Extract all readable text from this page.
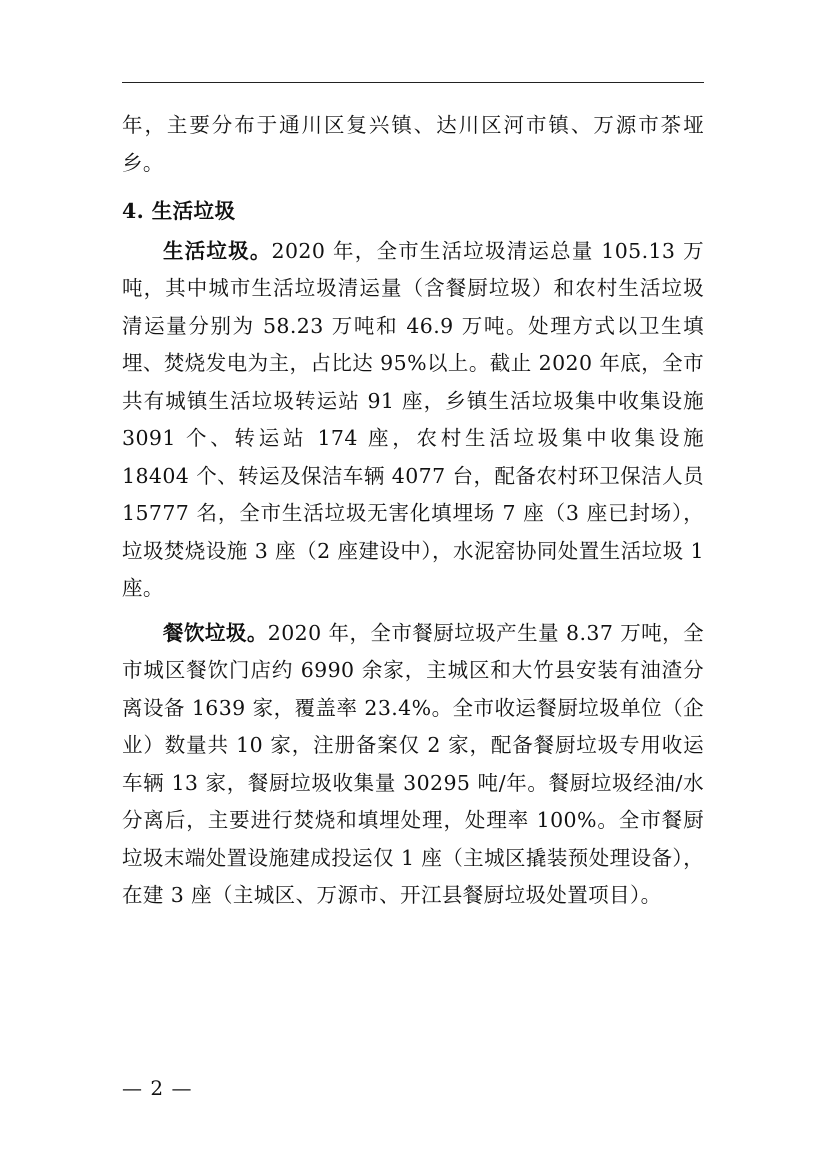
年，主要分布于通川区复兴镇、达川区河市镇、万源市茶垭乡。

4. 生活垃圾

生活垃圾。2020 年，全市生活垃圾清运总量 105.13 万吨，其中城市生活垃圾清运量（含餐厨垃圾）和农村生活垃圾清运量分别为 58.23 万吨和 46.9 万吨。处理方式以卫生填埋、焚烧发电为主，占比达 95%以上。截止 2020 年底，全市共有城镇生活垃圾转运站 91 座，乡镇生活垃圾集中收集设施 3091 个、转运站 174 座，农村生活垃圾集中收集设施 18404 个、转运及保洁车辆 4077 台，配备农村环卫保洁人员 15777 名，全市生活垃圾无害化填埋场 7 座（3 座已封场），垃圾焚烧设施 3 座（2 座建设中），水泥窑协同处置生活垃圾 1 座。

餐饮垃圾。2020 年，全市餐厨垃圾产生量 8.37 万吨，全市城区餐饮门店约 6990 余家，主城区和大竹县安装有油渣分离设备 1639 家，覆盖率 23.4%。全市收运餐厨垃圾单位（企业）数量共 10 家，注册备案仅 2 家，配备餐厨垃圾专用收运车辆 13 家，餐厨垃圾收集量 30295 吨/年。餐厨垃圾经油/水分离后，主要进行焚烧和填埋处理，处理率 100%。全市餐厨垃圾末端处置设施建成投运仅 1 座（主城区撬装预处理设备），在建 3 座（主城区、万源市、开江县餐厨垃圾处置项目）。

— 2 —
